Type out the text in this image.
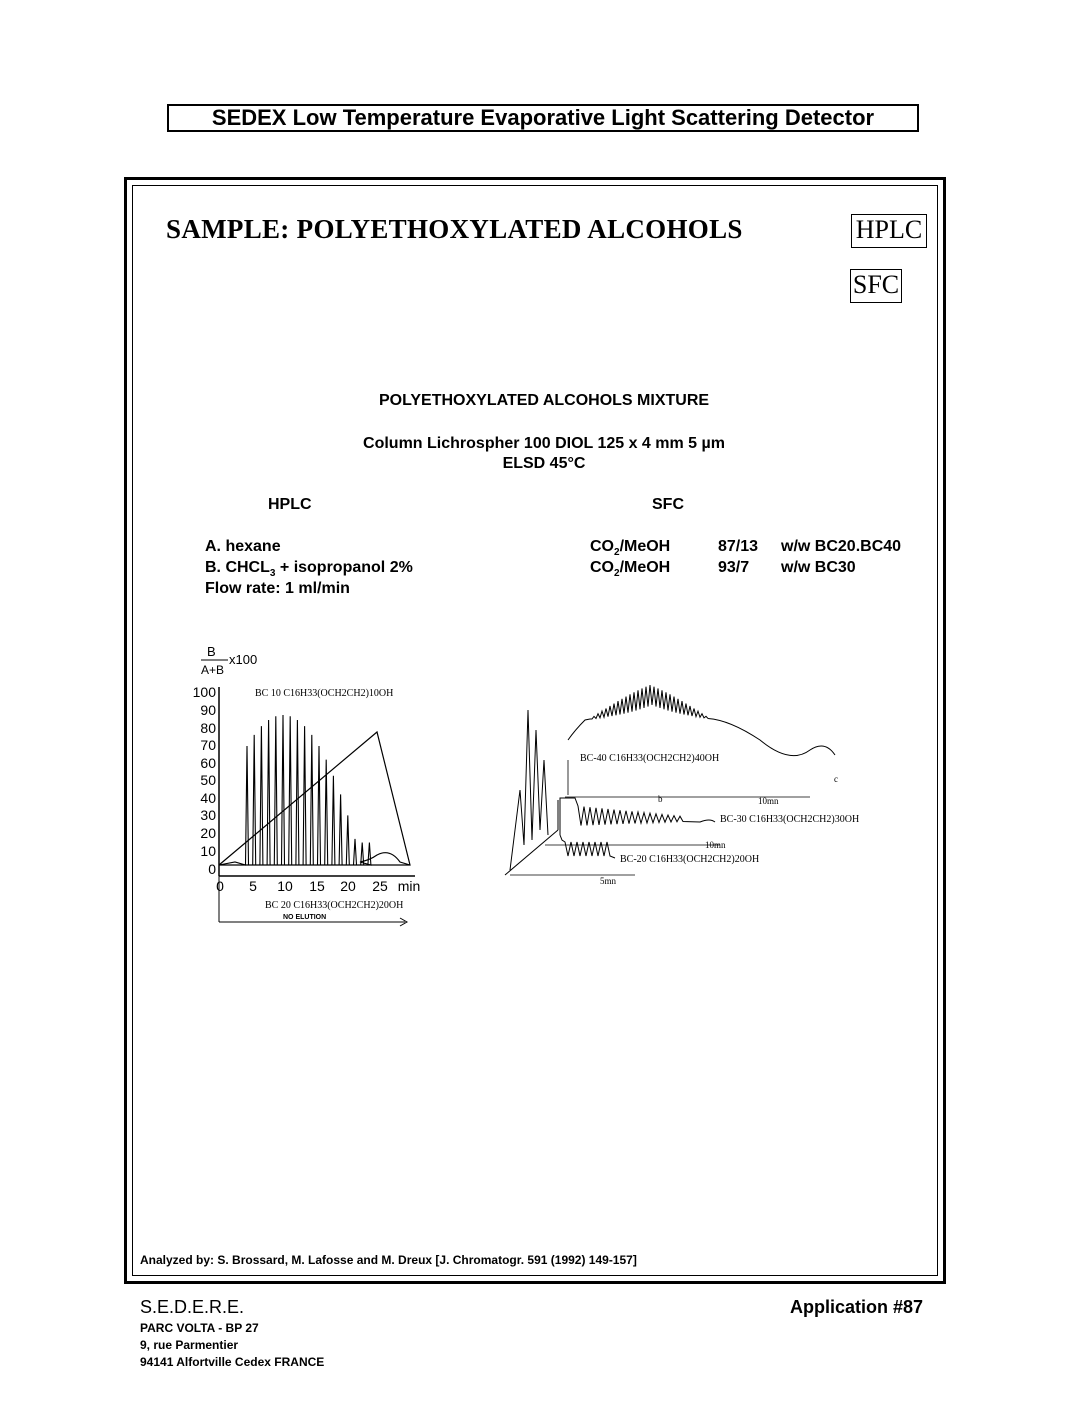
SEDEX Low Temperature Evaporative Light Scattering Detector
SAMPLE: POLYETHOXYLATED ALCOHOLS	HPLC
SFC
POLYETHOXYLATED ALCOHOLS MIXTURE
Column Lichrospher 100 DIOL 125 x 4 mm 5 µm
ELSD 45°C
HPLC	SFC
A. hexane
B. $CHCL_3$ + isopropanol 2%
Flow rate: 1 ml/min
$CO_2$/MeOH	87/13 w/w BC20.BC40
$CO_2$/MeOH	93/7 w/w BC30
B
A+B
x100
100
90
80
70
60
50
40
30
20
10
0
0 5 10 15 20 25 min
BC 10 C16H33(OCH2CH2)10OH
BC 20 C16H33(OCH2CH2)20OH
NO ELUTION
BC-40 C16H33(OCH2CH2)40OH
BC-30 C16H33(OCH2CH2)30OH
BC-20 C16H33(OCH2CH2)20OH
c
b	10mn
10mn
5mn
Analyzed by: S. Brossard, M. Lafosse and M. Dreux [J. Chromatogr. 591 (1992) 149-157]
S.E.D.E.R.E.	Application #87
PARC VOLTA - BP 27
9, rue Parmentier
94141 Alfortville Cedex FRANCE
